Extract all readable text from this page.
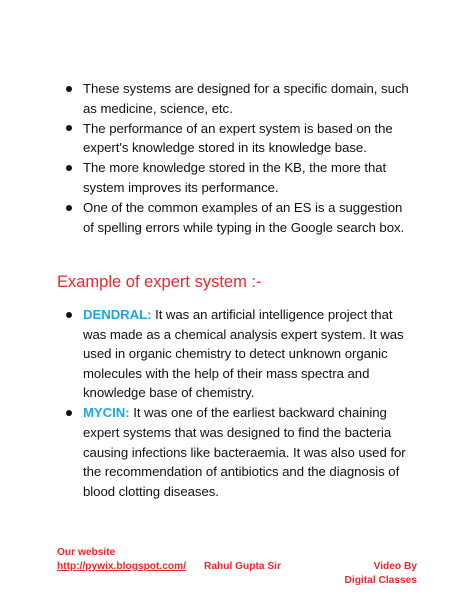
These systems are designed for a specific domain, such as medicine, science, etc.
The performance of an expert system is based on the expert's knowledge stored in its knowledge base.
The more knowledge stored in the KB, the more that system improves its performance.
One of the common examples of an ES is a suggestion of spelling errors while typing in the Google search box.
Example of expert system :-
DENDRAL: It was an artificial intelligence project that was made as a chemical analysis expert system. It was used in organic chemistry to detect unknown organic molecules with the help of their mass spectra and knowledge base of chemistry.
MYCIN: It was one of the earliest backward chaining expert systems that was designed to find the bacteria causing infections like bacteraemia. It was also used for the recommendation of antibiotics and the diagnosis of blood clotting diseases.
Our website
http://pywix.blogspot.com/ Rahul Gupta Sir	Video By
Digital Classes
